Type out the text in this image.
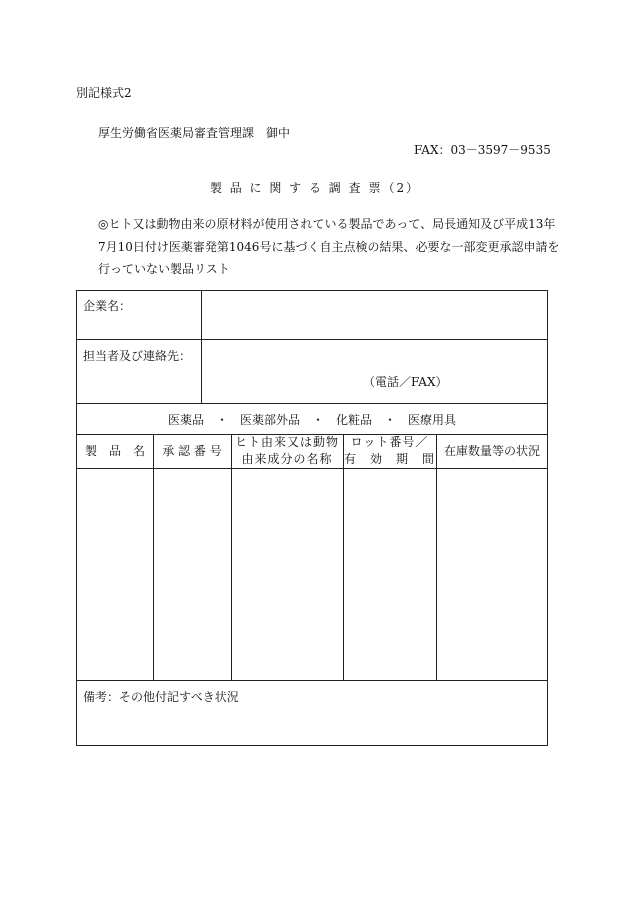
別記様式2
厚生労働省医薬局審査管理課　御中
FAX：03－3597－9535
製 品 に 関 す る 調 査 票（2）
◎ヒト又は動物由来の原材料が使用されている製品であって、局長通知及び平成13年
7月10日付け医薬審発第1046号に基づく自主点検の結果、必要な一部変更承認申請を
行っていない製品リスト
企業名：
担当者及び連絡先：
（電話／FAX）
医薬品　・　医薬部外品　・　化粧品　・　医療用具
製　品　名	承 認 番 号
ヒト由来又は動物
由来成分の名称
ロット番号／
有　効　期　間
在庫数量等の状況
備考：その他付記すべき状況
